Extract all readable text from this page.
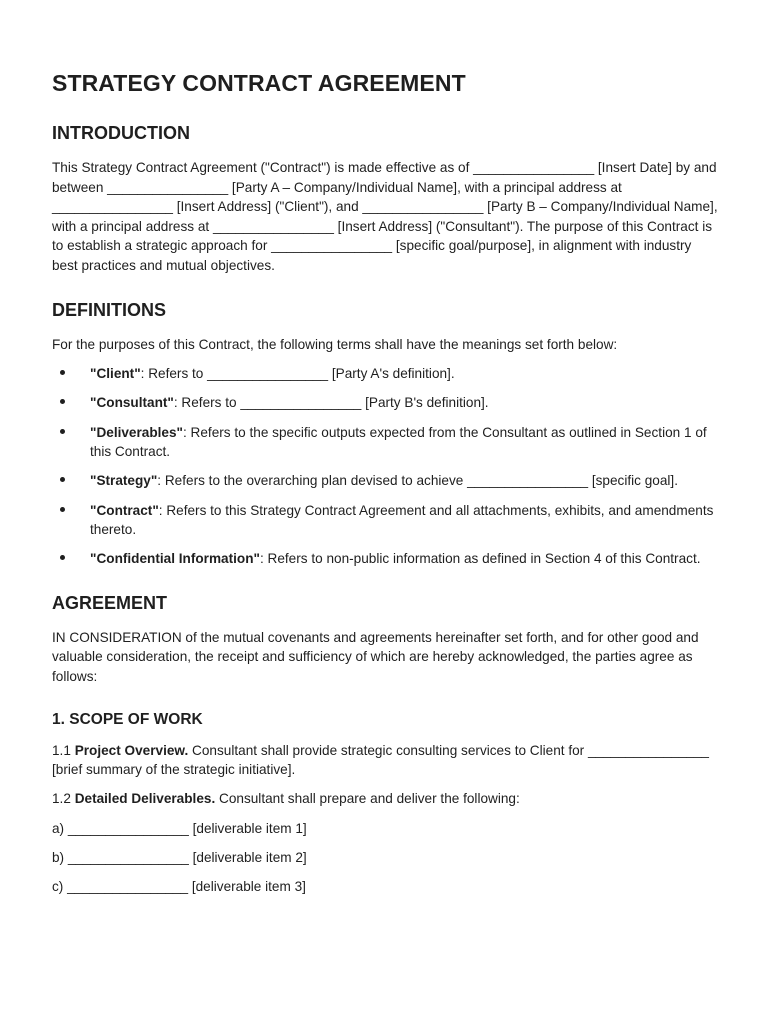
STRATEGY CONTRACT AGREEMENT
INTRODUCTION

This Strategy Contract Agreement ("Contract") is made effective as of ________________ [Insert Date] by and between ________________ [Party A – Company/Individual Name], with a principal address at ________________ [Insert Address] ("Client"), and ________________ [Party B – Company/Individual Name], with a principal address at ________________ [Insert Address] ("Consultant"). The purpose of this Contract is to establish a strategic approach for ________________ [specific goal/purpose], in alignment with industry best practices and mutual objectives.

DEFINITIONS

For the purposes of this Contract, the following terms shall have the meanings set forth below:

"Client": Refers to ________________ [Party A's definition].
"Consultant": Refers to ________________ [Party B's definition].
"Deliverables": Refers to the specific outputs expected from the Consultant as outlined in Section 1 of this Contract.
"Strategy": Refers to the overarching plan devised to achieve ________________ [specific goal].
"Contract": Refers to this Strategy Contract Agreement and all attachments, exhibits, and amendments thereto.
"Confidential Information": Refers to non-public information as defined in Section 4 of this Contract.
AGREEMENT

IN CONSIDERATION of the mutual covenants and agreements hereinafter set forth, and for other good and valuable consideration, the receipt and sufficiency of which are hereby acknowledged, the parties agree as follows:

1. SCOPE OF WORK

1.1 Project Overview. Consultant shall provide strategic consulting services to Client for ________________ [brief summary of the strategic initiative].

1.2 Detailed Deliverables. Consultant shall prepare and deliver the following:

a) ________________ [deliverable item 1]

b) ________________ [deliverable item 2]

c) ________________ [deliverable item 3]
